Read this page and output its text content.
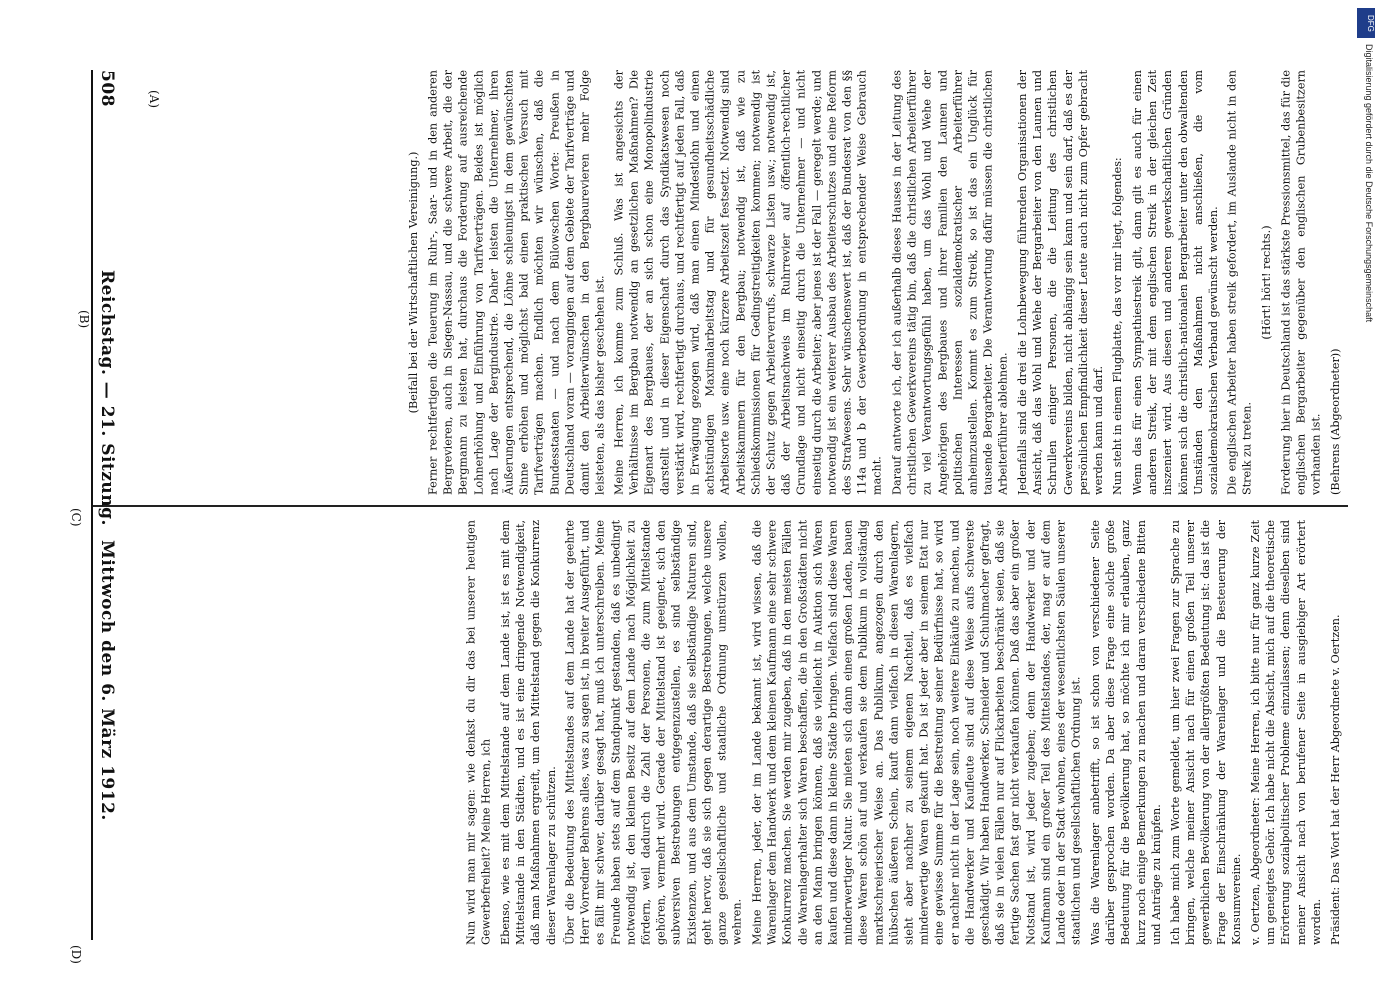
(Behrens (Abgeordneter))

Forderung hier in Deutschland ist das stärkste Pressionsmittel, das für die englischen Bergarbeiter gegenüber den englischen Grubenbesitzern vorhanden ist.

(Hört! hört! rechts.)

Die englischen Arbeiter haben streik gefordert, im Auslande nicht in den Streik zu treten.

Wenn das für einen Sympathiestreik gilt, dann gilt es auch für einen anderen Streik, der mit dem englischen Streik in der gleichen Zeit inszeniert wird. Aus diesen und anderen gewerkschaftlichen Gründen können sich die christlich-nationalen Bergarbeiter unter den obwaltenden Umständen den Maßnahmen nicht anschließen, die vom sozialdemokratischen Verband gewünscht werden.

Nun steht in einem Flugblatte, das vor mir liegt, folgendes:

Jedenfalls sind die drei die Lohnbewegung führenden Organisationen der Ansicht, daß das Wohl und Wehe der Bergarbeiter von den Launen und Schrullen einiger Personen, die die Leitung des christlichen Gewerkvereins bilden, nicht abhängig sein kann und sein darf, daß es der persönlichen Empfindlichkeit dieser Leute auch nicht zum Opfer gebracht werden kann und darf.

Darauf antworte ich, der ich außerhalb dieses Hauses in der Leitung des christlichen Gewerkvereins tätig bin, daß die christlichen Arbeiterführer zu viel Verantwortungsgefühl haben, um das Wohl und Wehe der Angehörigen des Bergbaues und ihrer Familien den Launen und politischen Interessen sozialdemokratischer Arbeiterführer anheimzustellen. Kommt es zum Streik, so ist das ein Unglück für tausende Bergarbeiter. Die Verantwortung dafür müssen die christlichen Arbeiterführer ablehnen.

Meine Herren, ich komme zum Schluß. Was ist angesichts der Verhältnisse im Bergbau notwendig an gesetzlichen Maßnahmen? Die Eigenart des Bergbaues, der an sich schon eine Monopolindustrie darstellt und in dieser Eigenschaft durch das Syndikatswesen noch verstärkt wird, rechtfertigt durchaus, und rechtfertigt auf jeden Fall, daß in Erwägung gezogen wird, daß man einen Mindestlohn und einen achtstündigen Maximalarbeitstag und für gesundheitsschädliche Arbeitsorte usw. eine noch kürzere Arbeitszeit festsetzt. Notwendig sind Arbeitskammern für den Bergbau; notwendig ist, daß wie zu Schiedskommissionen für Gedingstreitigkeiten kommen; notwendig ist der Schutz gegen Arbeiterverrufs, schwarze Listen usw.; notwendig ist, daß der Arbeitsnachweis im Ruhrrevier auf öffentlich-rechtlicher Grundlage und nicht einseitig durch die Unternehmer — und nicht einseitig durch die Arbeiter; aber jenes ist der Fall — geregelt werde; und notwendig ist ein weiterer Ausbau des Arbeiterschutzes und eine Reform des Strafwesens. Sehr wünschenswert ist, daß der Bundesrat von den §§ 114a und b der Gewerbeordnung in entsprechender Weise Gebrauch macht.

Ferner rechtfertigen die Teuerung im Ruhr-, Saar- und in den anderen Bergrevieren, auch in Siegen-Nassau, und die schwere Arbeit, die der Bergmann zu leisten hat, durchaus die Forderung auf ausreichende Lohnerhöhung und Einführung von Tarifverträgen. Beides ist möglich nach Lage der Bergindustrie. Daher leisten die Unternehmer, ihren Äußerungen entsprechend, die Löhne schleunigst in dem gewünschten Sinne erhöhen und möglichst bald einen praktischen Versuch mit Tarifverträgen machen. Endlich möchten wir wünschen, daß die Bundesstaaten — und nach dem Bülowschen Worte: Preußen in Deutschland voran — vorangingen auf dem Gebiete der Tarifverträge und damit den Arbeiterwünschen in den Bergbaurevieren mehr Folge leisteten, als das bisher geschehen ist.

(Beifall bei der Wirtschaftlichen Vereinigung.)

Präsident: Das Wort hat der Herr Abgeordnete v. Oertzen.

v. Oertzen, Abgeordneter: Meine Herren, ich bitte nur für ganz kurze Zeit um geneigtes Gehör. Ich habe nicht die Absicht, mich auf die theoretische Erörterung sozialpolitischer Probleme einzulassen; denn dieselben sind meiner Ansicht nach von berufener Seite in ausgiebiger Art erörtert worden.

Ich habe mich zum Worte gemeldet, um hier zwei Fragen zur Sprache zu bringen, welche meiner Ansicht nach für einen großen Teil unserer gewerblichen Bevölkerung von der allergrößten Bedeutung ist: das ist die Frage der Einschränkung der Warenlager und die Besteuerung der Konsumvereine.

Was die Warenlager anbetrifft, so ist schon von verschiedener Seite darüber gesprochen worden. Da aber diese Frage eine solche große Bedeutung für die Bevölkerung hat, so möchte ich mir erlauben, ganz kurz noch einige Bemerkungen zu machen und daran verschiedene Bitten und Anträge zu knüpfen.

Meine Herren, jeder, der im Lande bekannt ist, wird wissen, daß die Warenlager dem Handwerk und dem kleinen Kaufmann eine sehr schwere Konkurrenz machen. Sie werden mir zugeben, daß in den meisten Fällen die Warenlagerhalter sich Waren beschaffen, die in den Großstädten nicht an den Mann bringen können, daß sie vielleicht in Auktion sich Waren kaufen und diese dann in kleine Städte bringen. Vielfach sind diese Waren minderwertiger Natur. Sie mieten sich dann einen großen Laden, bauen diese Waren schön auf und verkaufen sie dem Publikum in vollständig marktschreierischer Weise an. Das Publikum, angezogen durch den hübschen äußeren Schein, kauft dann vielfach in diesen Warenlagern, sieht aber nachher zu seinem eigenen Nachteil, daß es vielfach minderwertige Waren gekauft hat. Da ist jeder aber in seinem Etat nur eine gewisse Summe für die Bestreitung seiner Bedürfnisse hat, so wird er nachher nicht in der Lage sein, noch weitere Einkäufe zu machen, und die Handwerker und Kaufleute sind auf diese Weise aufs schwerste geschädigt. Wir haben Handwerker, Schneider und Schuhmacher gefragt, daß sie in vielen Fällen nur auf Flickarbeiten beschränkt seien, daß sie fertige Sachen fast gar nicht verkaufen können. Daß das aber ein großer Notstand ist, wird jeder zugeben; denn der Handwerker und der Kaufmann sind ein großer Teil des Mittelstandes, der, mag er auf dem Lande oder in der Stadt wohnen, eines der wesentlichsten Säulen unserer staatlichen und gesellschaftlichen Ordnung ist.

Über die Bedeutung des Mittelstandes auf dem Lande hat der geehrte Herr Vorredner Behrens alles, was zu sagen ist, in breiter Ausgeführt, und es fällt mir schwer, darüber gesagt hat, muß ich unterschreiben. Meine Freunde haben stets auf dem Standpunkt gestanden, daß es unbedingt notwendig ist, den kleinen Besitz auf dem Lande nach Möglichkeit zu fördern, weil dadurch die Zahl der Personen, die zum Mittelstande gehören, vermehrt wird. Gerade der Mittelstand ist geeignet, sich den subversiven Bestrebungen entgegenzustellen, es sind selbständige Existenzen, und aus dem Umstande, daß sie selbständige Naturen sind, geht hervor, daß sie sich gegen derartige Bestrebungen, welche unsere ganze gesellschaftliche und staatliche Ordnung umstürzen wollen, wehren.

Ebenso, wie es mit dem Mittelstande auf dem Lande ist, ist es mit dem Mittelstande in den Städten, und es ist eine dringende Notwendigkeit, daß man Maßnahmen ergreift, um den Mittelstand gegen die Konkurrenz dieser Warenlager zu schützen.

Nun wird man mir sagen: wie denkst du dir das bei unserer heutigen Gewerbefreiheit? Meine Herren, ich

508
Reichstag. — 21. Sitzung.
Mittwoch den 6. März 1912.
(A)
(B)
(C)
(D)
DFG
Digitalisierung gefördert durch die Deutsche Forschungsgemeinschaft
